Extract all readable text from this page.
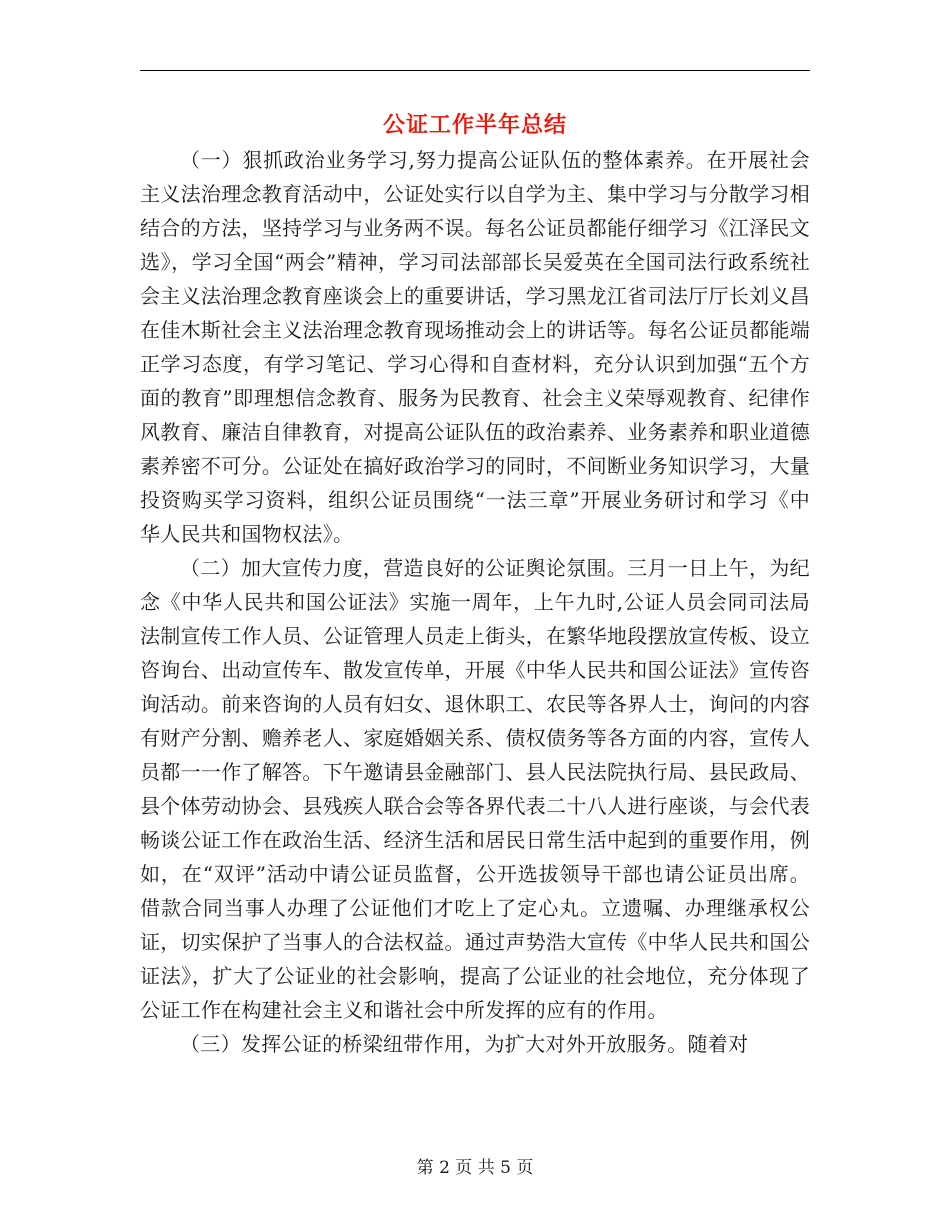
公证工作半年总结

（一）狠抓政治业务学习,努力提高公证队伍的整体素养。在开展社会主义法治理念教育活动中，公证处实行以自学为主、集中学习与分散学习相结合的方法，坚持学习与业务两不误。每名公证员都能仔细学习《江泽民文选》，学习全国“两会”精神，学习司法部部长吴爱英在全国司法行政系统社会主义法治理念教育座谈会上的重要讲话，学习黑龙江省司法厅厅长刘义昌在佳木斯社会主义法治理念教育现场推动会上的讲话等。每名公证员都能端正学习态度，有学习笔记、学习心得和自查材料，充分认识到加强“五个方面的教育”即理想信念教育、服务为民教育、社会主义荣辱观教育、纪律作风教育、廉洁自律教育，对提高公证队伍的政治素养、业务素养和职业道德素养密不可分。公证处在搞好政治学习的同时，不间断业务知识学习，大量投资购买学习资料，组织公证员围绕“一法三章”开展业务研讨和学习《中华人民共和国物权法》。

（二）加大宣传力度，营造良好的公证舆论氛围。三月一日上午，为纪念《中华人民共和国公证法》实施一周年，上午九时,公证人员会同司法局法制宣传工作人员、公证管理人员走上街头，在繁华地段摆放宣传板、设立咨询台、出动宣传车、散发宣传单，开展《中华人民共和国公证法》宣传咨询活动。前来咨询的人员有妇女、退休职工、农民等各界人士，询问的内容有财产分割、赡养老人、家庭婚姻关系、债权债务等各方面的内容，宣传人员都一一作了解答。下午邀请县金融部门、县人民法院执行局、县民政局、县个体劳动协会、县残疾人联合会等各界代表二十八人进行座谈，与会代表畅谈公证工作在政治生活、经济生活和居民日常生活中起到的重要作用，例如，在“双评”活动中请公证员监督，公开选拔领导干部也请公证员出席。借款合同当事人办理了公证他们才吃上了定心丸。立遗嘱、办理继承权公证，切实保护了当事人的合法权益。通过声势浩大宣传《中华人民共和国公证法》，扩大了公证业的社会影响，提高了公证业的社会地位，充分体现了公证工作在构建社会主义和谐社会中所发挥的应有的作用。

（三）发挥公证的桥梁纽带作用，为扩大对外开放服务。随着对

第 2 页 共 5 页
